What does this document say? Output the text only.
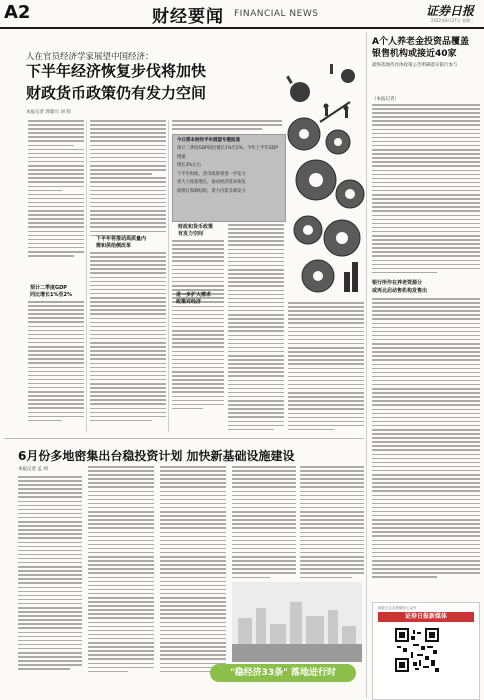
A2	财经要闻 FINANCIAL NEWS	证券日报
2022年6月27日 星期一
人在官员经济学家展望中国经济：
下半年经济恢复步伐将加快
财政货币政策仍有发力空间
本报记者 郭冀川 刘 萌
预计二季度GDP
同比增长1%至2%
下半年将推动高质量内
需和供给侧改革
今日资本财经半年展望专题报道
预计二季度GDP同比增长1%至2%，今年上半年GDP增速
增长3%左右
下半年财政、货币政策将进一步发力
更大力度稳增长，推动经济基本恢复
稳增长和调结构，着力内需多端发力
财政和货币政策
有发力空间
进一步扩大需求
政策对经济
A个人养老金投资品覆盖
银售机构或接近40家
最终落地待具体政策公告明确落实银行参与
（本报记者）
银行所作在养老资源分
或再北启动售机构发售出
6月份多地密集出台稳投资计划 加快新基础设施建设
本报记者 孟 珂
"稳经济33条" 落地进行时
欢迎关注本报微信公众号
证券日报新媒体
